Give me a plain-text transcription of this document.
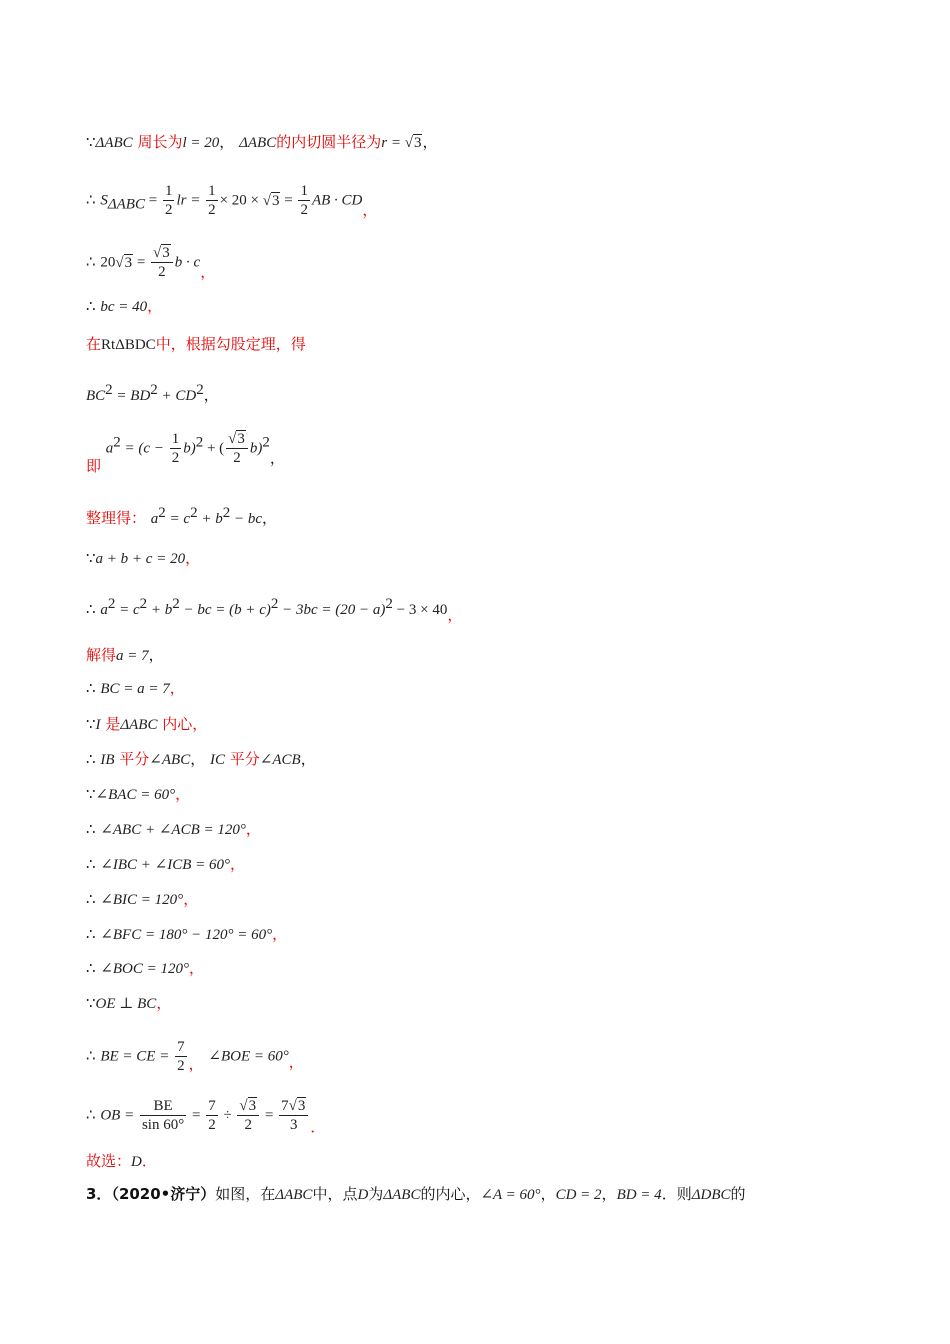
∵ΔABC 周长为l = 20， ΔABC的内切圆半径为r = √3，
∴ $S_{\Delta ABC} = \frac{1}{2}$ lr = $\frac{1}{2} \times 20 \times √3 = \frac{1}{2}$ AB · CD，
∴ $20√3 = \frac{√3}{2}$ b · c，
∴ bc = 40，
在RtΔBDC中，根据勾股定理，得
$BC^2 = BD^2 + CD^2$，
即 $a^2 = (c - \frac{1}{2} b)^2$ + ( $\frac{√3}{2} b)^2$，
整理得： $a^2 = c^2 + b^2$ − bc，
∵a + b + c = 20，
∴ $a^2 = c^2 + b^2$ − bc = $(b + c)^2 - 3bc = (20 - a)^2 - 3 \times 40$，
解得a = 7，
∴ BC = a = 7，
∵I 是ΔABC 内心，
∴ IB 平分∠ABC， IC 平分∠ACB，
∵∠BAC = 60°，
∴ ∠ABC + ∠ACB = 120°，
∴ ∠IBC + ∠ICB = 60°，
∴ ∠BIC = 120°，
∴ ∠BFC = 180° − 120° = 60°，
∴ ∠BOC = 120°，
∵OE ⊥ BC，
∴ BE = CE = $\frac{7}{2}$ ， ∠BOE = 60°，
∴ OB = $\frac{BE}{\sin 60^\circ} = \frac{7}{2} \div \frac{√3}{2} = \frac{7√3}{3}$ ．
故选：D．
3．（2020•济宁）如图，在ΔABC中，点D为ΔABC的内心，∠A = 60°，CD = 2，BD = 4．则ΔDBC的
